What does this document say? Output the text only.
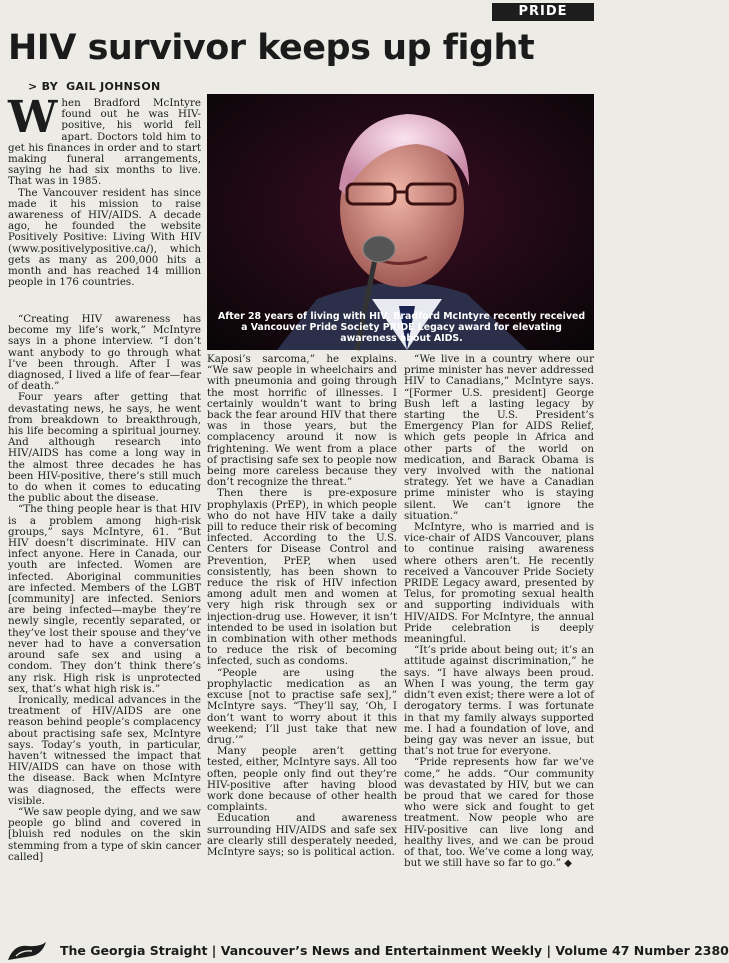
PRIDE
HIV survivor keeps up fight
> BY GAIL JOHNSON
W hen Bradford McIntyre found out he was HIV-positive, his world fell apart. Doctors told him to get his finances in order and to start making funeral arrangements, saying he had six months to live. That was in 1985.

The Vancouver resident has since made it his mission to raise awareness of HIV/AIDS. A decade ago, he founded the website Positively Positive: Living With HIV (www.positivelypositive.ca/), which gets as many as 200,000 hits a month and has reached 14 million people in 176 countries.

“Creating HIV awareness has become my life’s work,” McIntyre says in a phone interview. “I don’t want anybody to go through what I’ve been through. After I was diagnosed, I lived a life of fear—fear of death.”

Four years after getting that devastating news, he says, he went from breakdown to breakthrough, his life becoming a spiritual journey. And although research into HIV/AIDS has come a long way in the almost three decades he has been HIV-positive, there’s still much to do when it comes to educating the public about the disease.

“The thing people hear is that HIV is a problem among high-risk groups,” says McIntyre, 61. “But HIV doesn’t discriminate. HIV can infect anyone. Here in Canada, our youth are infected. Women are infected. Aboriginal communities are infected. Members of the LGBT [community] are infected. Seniors are being infected—maybe they’re newly single, recently separated, or they’ve lost their spouse and they’ve never had to have a conversation around safe sex and using a condom. They don’t think there’s any risk. High risk is unprotected sex, that’s what high risk is.”

Ironically, medical advances in the treatment of HIV/AIDS are one reason behind people’s complacency about practising safe sex, McIntyre says. Today’s youth, in particular, haven’t witnessed the impact that HIV/AIDS can have on those with the disease. Back when McIntyre was diagnosed, the effects were visible.

“We saw people dying, and we saw people go blind and covered in [bluish red nodules on the skin stemming from a type of skin cancer called]

After 28 years of living with HIV, Bradford McIntyre recently received a Vancouver Pride Society PRIDE Legacy award for elevating awareness about AIDS.

Kaposi’s sarcoma,” he explains. “We saw people in wheelchairs and with pneumonia and going through the most horrific of illnesses. I certainly wouldn’t want to bring back the fear around HIV that there was in those years, but the complacency around it now is frightening. We went from a place of practising safe sex to people now being more careless because they don’t recognize the threat.”

Then there is pre-exposure prophylaxis (PrEP), in which people who do not have HIV take a daily pill to reduce their risk of becoming infected. According to the U.S. Centers for Disease Control and Prevention, PrEP, when used consistently, has been shown to reduce the risk of HIV infection among adult men and women at very high risk through sex or injection-drug use. However, it isn’t intended to be used in isolation but in combination with other methods to reduce the risk of becoming infected, such as condoms.

“People are using the prophylactic medication as an excuse [not to practise safe sex],” McIntyre says. “They’ll say, ‘Oh, I don’t want to worry about it this weekend; I’ll just take that new drug.’”

Many people aren’t getting tested, either, McIntyre says. All too often, people only find out they’re HIV-positive after having blood work done because of other health complaints.

Education and awareness surrounding HIV/AIDS and safe sex are clearly still desperately needed, McIntyre says; so is political action.

“We live in a country where our prime minister has never addressed HIV to Canadians,” McIntyre says. “[Former U.S. president] George Bush left a lasting legacy by starting the U.S. President’s Emergency Plan for AIDS Relief, which gets people in Africa and other parts of the world on medication, and Barack Obama is very involved with the national strategy. Yet we have a Canadian prime minister who is staying silent. We can’t ignore the situation.”

McIntyre, who is married and is vice-chair of AIDS Vancouver, plans to continue raising awareness where others aren’t. He recently received a Vancouver Pride Society PRIDE Legacy award, presented by Telus, for promoting sexual health and supporting individuals with HIV/AIDS. For McIntyre, the annual Pride celebration is deeply meaningful.

“It’s pride about being out; it’s an attitude against discrimination,” he says. “I have always been proud. When I was young, the term gay didn’t even exist; there were a lot of derogatory terms. I was fortunate in that my family always supported me. I had a foundation of love, and being gay was never an issue, but that’s not true for everyone.

“Pride represents how far we’ve come,” he adds. “Our community was devastated by HIV, but we can be proud that we cared for those who were sick and fought to get treatment. Now people who are HIV-positive can live long and healthy lives, and we can be proud of that, too. We’ve come a long way, but we still have so far to go.” ◆

The Georgia Straight | Vancouver’s News and Entertainment Weekly | Volume 47 Number 2380
